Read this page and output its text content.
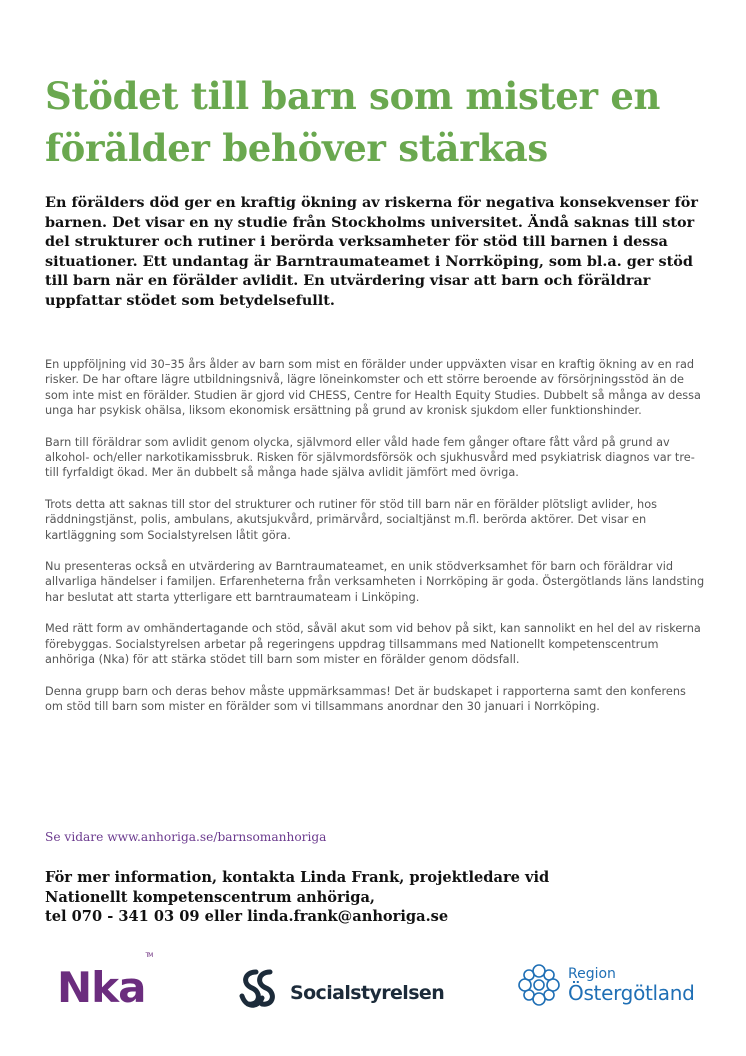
Stödet till barn som mister en förälder behöver stärkas

En förälders död ger en kraftig ökning av riskerna för negativa konsekvenser för barnen. Det visar en ny studie från Stockholms universitet. Ändå saknas till stor del strukturer och rutiner i berörda verksamheter för stöd till barnen i dessa situationer. Ett undantag är Barntraumateamet i Norrköping, som bl.a. ger stöd till barn när en förälder avlidit. En utvärdering visar att barn och föräldrar uppfattar stödet som betydelsefullt.

En uppföljning vid 30–35 års ålder av barn som mist en förälder under uppväxten visar en kraftig ökning av en rad risker. De har oftare lägre utbildningsnivå, lägre löneinkomster och ett större beroende av försörjningsstöd än de som inte mist en förälder. Studien är gjord vid CHESS, Centre for Health Equity Studies. Dubbelt så många av dessa unga har psykisk ohälsa, liksom ekonomisk ersättning på grund av kronisk sjukdom eller funktionshinder.

Barn till föräldrar som avlidit genom olycka, självmord eller våld hade fem gånger oftare fått vård på grund av alkohol- och/eller narkotikamissbruk. Risken för självmordsförsök och sjukhusvård med psykiatrisk diagnos var tre- till fyrfaldigt ökad. Mer än dubbelt så många hade själva avlidit jämfört med övriga.

Trots detta att saknas till stor del strukturer och rutiner för stöd till barn när en förälder plötsligt avlider, hos räddningstjänst, polis, ambulans, akutsjukvård, primärvård, socialtjänst m.fl. berörda aktörer. Det visar en kartläggning som Socialstyrelsen låtit göra.

Nu presenteras också en utvärdering av Barntraumateamet, en unik stödverksamhet för barn och föräldrar vid allvarliga händelser i familjen. Erfarenheterna från verksamheten i Norrköping är goda. Östergötlands läns landsting har beslutat att starta ytterligare ett barntraumateam i Linköping.

Med rätt form av omhändertagande och stöd, såväl akut som vid behov på sikt, kan sannolikt en hel del av riskerna förebyggas. Socialstyrelsen arbetar på regeringens uppdrag tillsammans med Nationellt kompetenscentrum anhöriga (Nka) för att stärka stödet till barn som mister en förälder genom dödsfall.

Denna grupp barn och deras behov måste uppmärksammas! Det är budskapet i rapporterna samt den konferens om stöd till barn som mister en förälder som vi tillsammans anordnar den 30 januari i Norrköping.

Se vidare www.anhoriga.se/barnsomanhoriga

För mer information, kontakta Linda Frank, projektledare vid
Nationellt kompetenscentrum anhöriga,
tel 070 - 341 03 09 eller linda.frank@anhoriga.se

Nka™
Socialstyrelsen
Region
Östergötland
